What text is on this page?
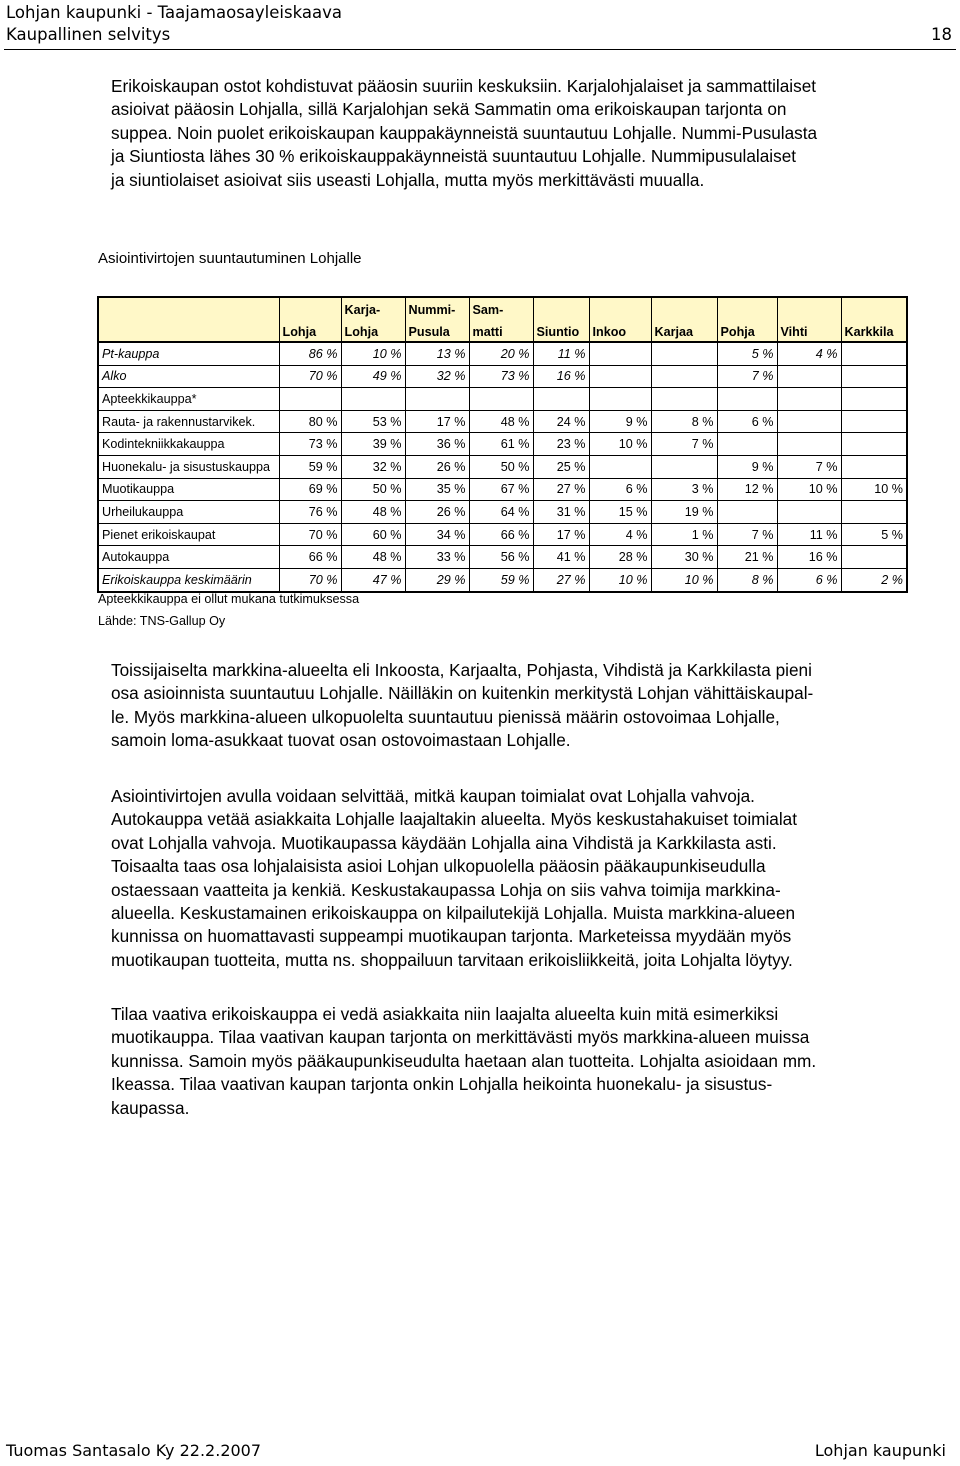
Lohjan kaupunki - Taajamaosayleiskaava
Kaupallinen selvitys	18

Erikoiskaupan ostot kohdistuvat pääosin suuriin keskuksiin. Karjalohjalaiset ja sammattilaiset
asioivat pääosin Lohjalla, sillä Karjalohjan sekä Sammatin oma erikoiskaupan tarjonta on
suppea. Noin puolet erikoiskaupan kauppakäynneistä suuntautuu Lohjalle. Nummi-Pusulasta
ja Siuntiosta lähes 30 % erikoiskauppakäynneistä suuntautuu Lohjalle. Nummipusulalaiset
ja siuntiolaiset asioivat siis useasti Lohjalla, mutta myös merkittävästi muualla.

Asiointivirtojen suuntautuminen Lohjalle
		Karja-	Nummi-	Sam-						
	Lohja	Lohja	Pusula	matti	Siuntio	Inkoo	Karjaa	Pohja	Vihti	Karkkila
Pt-kauppa	86 %	10 %	13 %	20 %	11 %			5 %	4 %	
Alko	70 %	49 %	32 %	73 %	16 %			7 %		
Apteekkikauppa*										
Rauta- ja rakennustarvikek.	80 %	53 %	17 %	48 %	24 %	9 %	8 %	6 %		
Kodintekniikkakauppa	73 %	39 %	36 %	61 %	23 %	10 %	7 %			
Huonekalu- ja sisustuskauppa	59 %	32 %	26 %	50 %	25 %			9 %	7 %	
Muotikauppa	69 %	50 %	35 %	67 %	27 %	6 %	3 %	12 %	10 %	10 %
Urheilukauppa	76 %	48 %	26 %	64 %	31 %	15 %	19 %			
Pienet erikoiskaupat	70 %	60 %	34 %	66 %	17 %	4 %	1 %	7 %	11 %	5 %
Autokauppa	66 %	48 %	33 %	56 %	41 %	28 %	30 %	21 %	16 %	
Erikoiskauppa keskimäärin	70 %	47 %	29 %	59 %	27 %	10 %	10 %	8 %	6 %	2 %
Apteekkikauppa ei ollut mukana tutkimuksessa
Lähde: TNS-Gallup Oy

Toissijaiselta markkina-alueelta eli Inkoosta, Karjaalta, Pohjasta, Vihdistä ja Karkkilasta pieni
osa asioinnista suuntautuu Lohjalle. Näilläkin on kuitenkin merkitystä Lohjan vähittäiskaupal-
le. Myös markkina-alueen ulkopuolelta suuntautuu pienissä määrin ostovoimaa Lohjalle,
samoin loma-asukkaat tuovat osan ostovoimastaan Lohjalle.

Asiointivirtojen avulla voidaan selvittää, mitkä kaupan toimialat ovat Lohjalla vahvoja.
Autokauppa vetää asiakkaita Lohjalle laajaltakin alueelta. Myös keskustahakuiset toimialat
ovat Lohjalla vahvoja. Muotikaupassa käydään Lohjalla aina Vihdistä ja Karkkilasta asti.
Toisaalta taas osa lohjalaisista asioi Lohjan ulkopuolella pääosin pääkaupunkiseudulla
ostaessaan vaatteita ja kenkiä. Keskustakaupassa Lohja on siis vahva toimija markkina-
alueella. Keskustamainen erikoiskauppa on kilpailutekijä Lohjalla. Muista markkina-alueen
kunnissa on huomattavasti suppeampi muotikaupan tarjonta. Marketeissa myydään myös
muotikaupan tuotteita, mutta ns. shoppailuun tarvitaan erikoisliikkeitä, joita Lohjalta löytyy.

Tilaa vaativa erikoiskauppa ei vedä asiakkaita niin laajalta alueelta kuin mitä esimerkiksi
muotikauppa. Tilaa vaativan kaupan tarjonta on merkittävästi myös markkina-alueen muissa
kunnissa. Samoin myös pääkaupunkiseudulta haetaan alan tuotteita. Lohjalta asioidaan mm.
Ikeassa. Tilaa vaativan kaupan tarjonta onkin Lohjalla heikointa huonekalu- ja sisustus-
kaupassa.

Tuomas Santasalo Ky 22.2.2007	Lohjan kaupunki
